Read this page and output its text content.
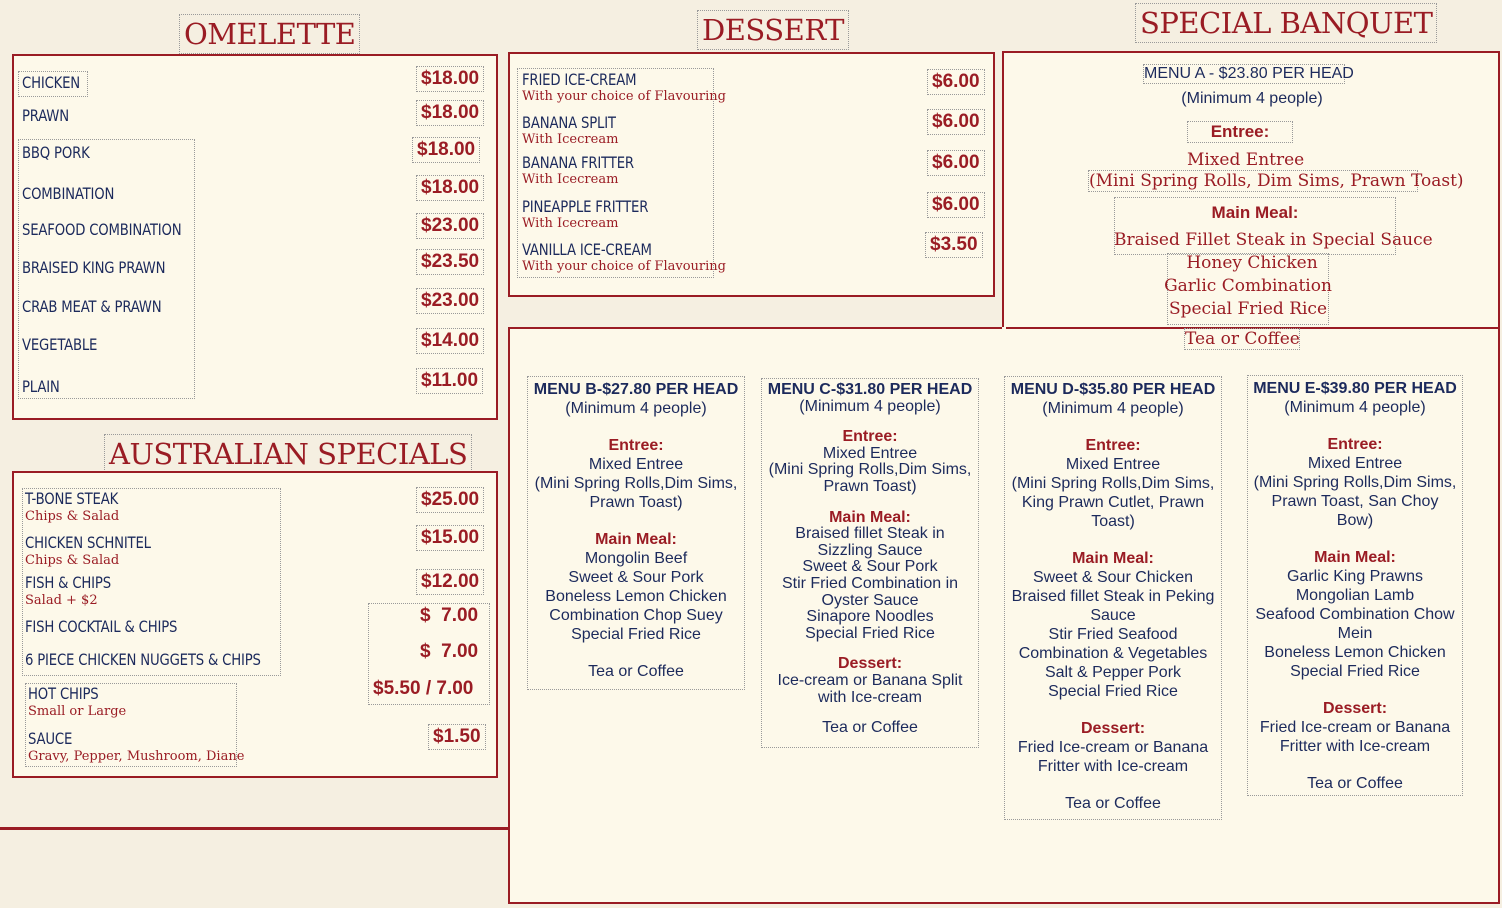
OMELETTE
CHICKEN	$18.00
PRAWN	$18.00
BBQ PORK	$18.00
COMBINATION	$18.00
SEAFOOD COMBINATION	$23.00
BRAISED KING PRAWN	$23.50
CRAB MEAT & PRAWN	$23.00
VEGETABLE	$14.00
PLAIN	$11.00
AUSTRALIAN SPECIALS
T-BONE STEAK
Chips & Salad
$25.00
CHICKEN SCHNITEL
Chips & Salad
$15.00
FISH & CHIPS
Salad + $2
$12.00
FISH COCKTAIL & CHIPS
$  7.00
6 PIECE CHICKEN NUGGETS & CHIPS	$  7.00
HOT CHIPS
Small or Large
$5.50 / 7.00
SAUCE
Gravy, Pepper, Mushroom, Diane
$1.50
DESSERT
FRIED ICE-CREAM
With your choice of Flavouring
$6.00
BANANA SPLIT
With Icecream
$6.00
BANANA FRITTER
With Icecream
$6.00
PINEAPPLE FRITTER
With Icecream
$6.00
VANILLA ICE-CREAM
With your choice of Flavouring
$3.50
SPECIAL BANQUET
MENU A - $23.80 PER HEAD
(Minimum 4 people)
Entree:
Mixed Entree
(Mini Spring Rolls, Dim Sims, Prawn Toast)
Main Meal:
Braised Fillet Steak in Special Sauce
Honey Chicken
Garlic Combination
Special Fried Rice
Tea or Coffee
MENU B-$27.80 PER HEAD
(Minimum 4 people)
Entree:
Mixed Entree
(Mini Spring Rolls,Dim Sims,
Prawn Toast)
Main Meal:
Mongolin Beef
Sweet & Sour Pork
Boneless Lemon Chicken
Combination Chop Suey
Special Fried Rice
Tea or Coffee
MENU C-$31.80 PER HEAD
(Minimum 4 people)
Entree:
Mixed Entree
(Mini Spring Rolls,Dim Sims,
Prawn Toast)
Main Meal:
Braised fillet Steak in
Sizzling Sauce
Sweet & Sour Pork
Stir Fried Combination in
Oyster Sauce
Sinapore Noodles
Special Fried Rice
Dessert:
Ice-cream or Banana Split
with Ice-cream
Tea or Coffee
MENU D-$35.80 PER HEAD
(Minimum 4 people)
Entree:
Mixed Entree
(Mini Spring Rolls,Dim Sims,
King Prawn Cutlet, Prawn
Toast)
Main Meal:
Sweet & Sour Chicken
Braised fillet Steak in Peking
Sauce
Stir Fried Seafood
Combination & Vegetables
Salt & Pepper Pork
Special Fried Rice
Dessert:
Fried Ice-cream or Banana
Fritter with Ice-cream
Tea or Coffee
MENU E-$39.80 PER HEAD
(Minimum 4 people)
Entree:
Mixed Entree
(Mini Spring Rolls,Dim Sims,
Prawn Toast, San Choy
Bow)
Main Meal:
Garlic King Prawns
Mongolian Lamb
Seafood Combination Chow
Mein
Boneless Lemon Chicken
Special Fried Rice
Dessert:
Fried Ice-cream or Banana
Fritter with Ice-cream
Tea or Coffee
